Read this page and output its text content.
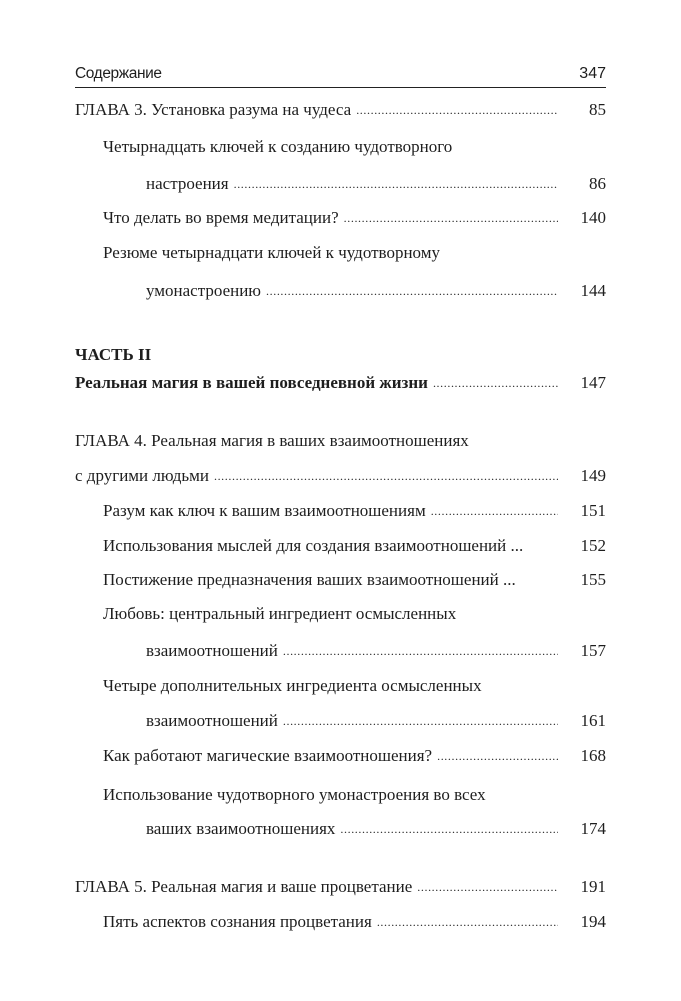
Содержание	347
ГЛАВА 3. Установка разума на чудеса .....	85
Четырнадцать ключей к созданию чудотворного
настроения .....	86
Что делать во время медитации? .....	140
Резюме четырнадцати ключей к чудотворному
умонастроению .....	144
ЧАСТЬ II
Реальная магия в вашей повседневной жизни .....	147
ГЛАВА 4. Реальная магия в ваших взаимоотношениях
с другими людьми .....	149
Разум как ключ к вашим взаимоотношениям .....	151
Использования мыслей для создания взаимоотношений ...	152
Постижение предназначения ваших взаимоотношений ...	155
Любовь: центральный ингредиент осмысленных
взаимоотношений .....	157
Четыре дополнительных ингредиента осмысленных
взаимоотношений .....	161
Как работают магические взаимоотношения? .....	168
Использование чудотворного умонастроения во всех
ваших взаимоотношениях .....	174
ГЛАВА 5. Реальная магия и ваше процветание .....	191
Пять аспектов сознания процветания .....	194
